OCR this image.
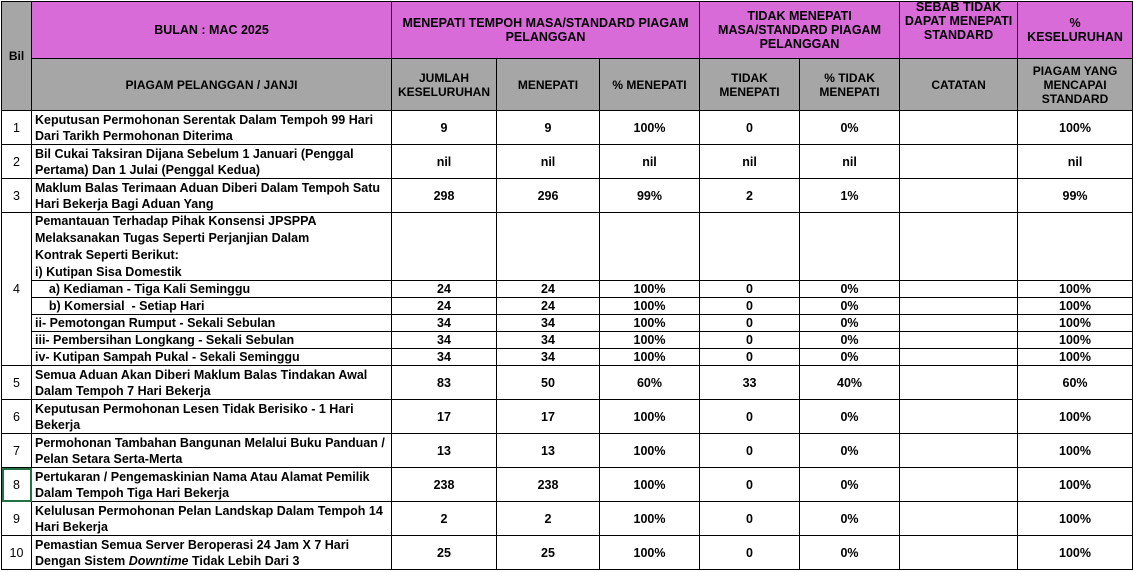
Bil	BULAN : MAC 2025	MENEPATI TEMPOH MASA/STANDARD PIAGAM PELANGGAN			TIDAK MENEPATI MASA/STANDARD PIAGAM PELANGGAN		SEBAB TIDAK DAPAT MENEPATI STANDARD	% KESELURUHAN
	PIAGAM PELANGGAN / JANJI	JUMLAH KESELURUHAN	MENEPATI	% MENEPATI	TIDAK MENEPATI	% TIDAK MENEPATI	CATATAN	PIAGAM YANG MENCAPAI STANDARD
1	Keputusan Permohonan Serentak Dalam Tempoh 99 Hari Dari Tarikh Permohonan Diterima	9	9	100%	0	0%		100%
2	Bil Cukai Taksiran Dijana Sebelum 1 Januari (Penggal Pertama) Dan 1 Julai (Penggal Kedua)	nil	nil	nil	nil	nil		nil
3	Maklum Balas Terimaan Aduan Diberi Dalam Tempoh Satu Hari Bekerja Bagi Aduan Yang	298	296	99%	2	1%		99%
4	Pemantauan Terhadap Pihak Konsensi JPSPPA							
	Melaksanakan Tugas Seperti Perjanjian Dalam							
	Kontrak Seperti Berikut:							
	i) Kutipan Sisa Domestik							
	a) Kediaman - Tiga Kali Seminggu	24	24	100%	0	0%		100%
	b) Komersial  - Setiap Hari	24	24	100%	0	0%		100%
	ii- Pemotongan Rumput - Sekali Sebulan	34	34	100%	0	0%		100%
	iii- Pembersihan Longkang - Sekali Sebulan	34	34	100%	0	0%		100%
	iv- Kutipan Sampah Pukal - Sekali Seminggu	34	34	100%	0	0%		100%
5	Semua Aduan Akan Diberi Maklum Balas Tindakan Awal Dalam Tempoh 7 Hari Bekerja	83	50	60%	33	40%		60%
6	Keputusan Permohonan Lesen Tidak Berisiko - 1 Hari Bekerja	17	17	100%	0	0%		100%
7	Permohonan Tambahan Bangunan Melalui Buku Panduan / Pelan Setara Serta-Merta	13	13	100%	0	0%		100%
8	Pertukaran / Pengemaskinian Nama Atau Alamat Pemilik Dalam Tempoh Tiga Hari Bekerja	238	238	100%	0	0%		100%
9	Kelulusan Permohonan Pelan Landskap Dalam Tempoh 14 Hari Bekerja	2	2	100%	0	0%		100%
10	Pemastian Semua Server Beroperasi 24 Jam X 7 Hari Dengan Sistem Downtime Tidak Lebih Dari 3	25	25	100%	0	0%		100%
